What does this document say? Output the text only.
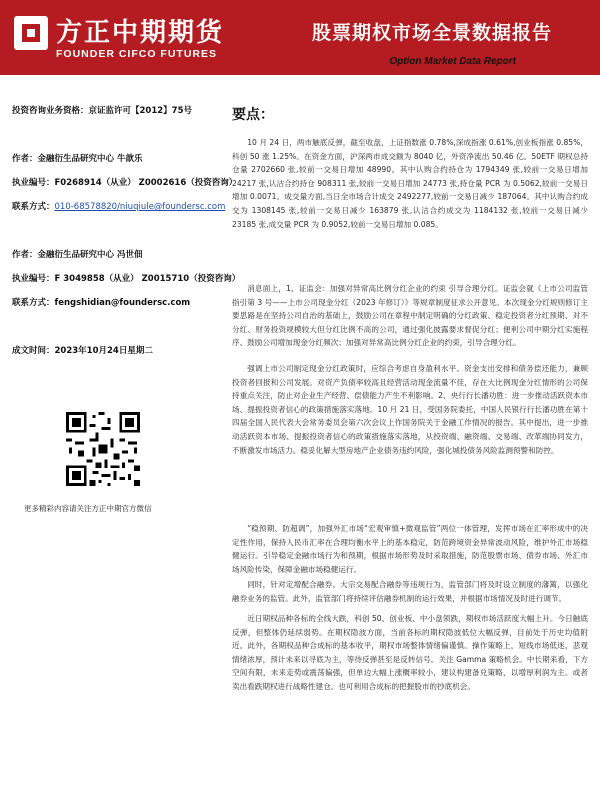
方正中期期货
FOUNDER CIFCO FUTURES
股票期权市场全景数据报告
Option Market Data Report
投资咨询业务资格：京证监许可【2012】75号
作者：金融衍生品研究中心 牛歆乐
执业编号：F0268914（从业） Z0002616（投资咨询）
联系方式：010-68578820/niuqiule@foundersc.com
作者：金融衍生品研究中心 冯世佃
执业编号：F 3049858（从业） Z0015710（投资咨询）
联系方式：fengshidian@foundersc.com
成文时间：2023年10月24日星期二
更多精彩内容请关注方正中期官方微信
要点：

10 月 24 日，两市触底反弹，截至收盘，上证指数涨 0.78%,深成指涨 0.61%,创业板指涨 0.85%，科创 50 涨 1.25%。在资金方面，沪深两市成交额为 8040 亿，外资净流出 50.46 亿。50ETF 期权总持仓量 2702660 张,较前一交易日增加 48990。其中认购合约持仓为 1794349 张,较前一交易日增加 24217 张,认沽合约持仓 908311 张,较前一交易日增加 24773 张,持仓量 PCR 为 0.5062,较前一交易日增加 0.0071。成交量方面,当日全市场合计成交 2492277,较前一交易日减少 187064。其中认购合约成交为 1308145 张,较前一交易日减少 163879 张,认沽合约成交为 1184132 张,较前一交易日减少 23185 张,成交量 PCR 为 0.9052,较前一交易日增加 0.085。

消息面上，1、证监会：加强对异常高比例分红企业的约束 引导合理分红。证监会就《上市公司监管指引第 3 号——上市公司现金分红（2023 年修订）》等规章制度征求公开意见。本次现金分红规则修订主要思路是在坚持公司自治的基础上，鼓励公司在章程中制定明确的分红政策、稳定投资者分红预期、对不分红、财务投资规模较大但分红比例不高的公司，通过强化披露要求督促分红；便利公司中期分红实施程序、鼓励公司增加现金分红频次；加强对异常高比例分红企业的约束，引导合理分红。

强调上市公司制定现金分红政策时，应综合考虑自身盈利水平、资金支出安排和债务偿还能力，兼顾投资者回报和公司发展。对资产负债率较高且经营活动现金流量不佳，存在大比例现金分红情形的公司保持重点关注，防止对企业生产经营、偿债能力产生不利影响。2、央行行长潘功胜：进一步推动活跃资本市场、提振投资者信心的政策措施落实落地。10 月 21 日，受国务院委托，中国人民银行行长潘功胜在第十四届全国人民代表大会常务委员会第六次会议上作国务院关于金融工作情况的报告。其中提出，进一步推动活跃资本市场、提振投资者信心的政策措施落实落地，从投资端、融资端、交易端、改革端协同发力，不断激发市场活力。稳妥化解大型房地产企业债务违约风险，强化城投债务风险监测预警和防控。

“稳预期、防超调”，加强外汇市场“宏观审慎+微观监管”两位一体管理，发挥市场在汇率形成中的决定性作用，保持人民币汇率在合理均衡水平上的基本稳定，防范跨境资金异常波动风险，维护外汇市场稳健运行。引导稳定金融市场行为和预期，根据市场形势及时采取措施，防范股票市场、债券市场、外汇市场风险传染，保障金融市场稳健运行。

同时，针对定增配合融券、大宗交易配合融券等违规行为，监管部门将及时设立制度的藩篱，以强化融券业务的监管。此外，监管部门将持续评估融券机制的运行效果，并根据市场情况及时进行调节。

近日期权品种各标的全线大跌，科创 50、创业板、中小盘领跌，期权市场活跃度大幅上升。今日触底反弹，但整体仍延续弱势。在期权隐波方面，当前各标的期权隐波低位大幅反弹，目前处于历史均值附近。此外，各期权品种合成标的基本收平，期权市场整体情绪偏谨慎。操作策略上，短线市场低迷，悲观情绪浓厚，预计未来以寻底为主，等待反弹甚至是反转信号。关注 Gamma 策略机会。中长期来看，下方空间有限，未来走势或震荡偏强，但单边大幅上涨概率较小，建议构建备兑策略，以增厚利润为主。或者卖出看跌期权进行战略性建仓。也可利用合成标的把握股市的抄底机会。
